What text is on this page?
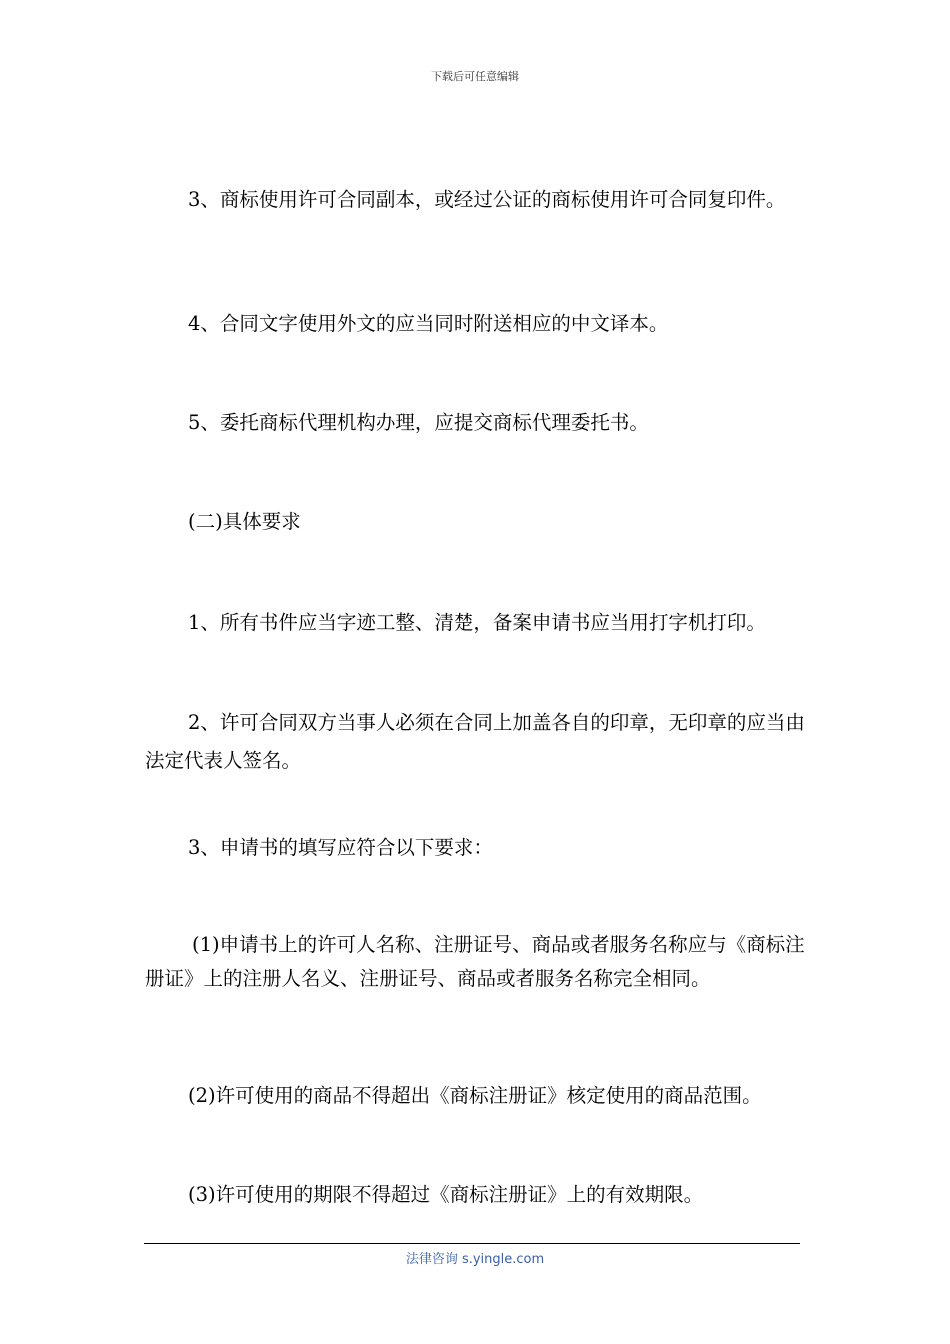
下载后可任意编辑

3、商标使用许可合同副本，或经过公证的商标使用许可合同复印件。

4、合同文字使用外文的应当同时附送相应的中文译本。

5、委托商标代理机构办理，应提交商标代理委托书。

(二)具体要求

1、所有书件应当字迹工整、清楚，备案申请书应当用打字机打印。

2、许可合同双方当事人必须在合同上加盖各自的印章，无印章的应当由法定代表人签名。

3、申请书的填写应符合以下要求：

(1)申请书上的许可人名称、注册证号、商品或者服务名称应与《商标注册证》上的注册人名义、注册证号、商品或者服务名称完全相同。

(2)许可使用的商品不得超出《商标注册证》核定使用的商品范围。

(3)许可使用的期限不得超过《商标注册证》上的有效期限。

法律咨询 s.yingle.com
